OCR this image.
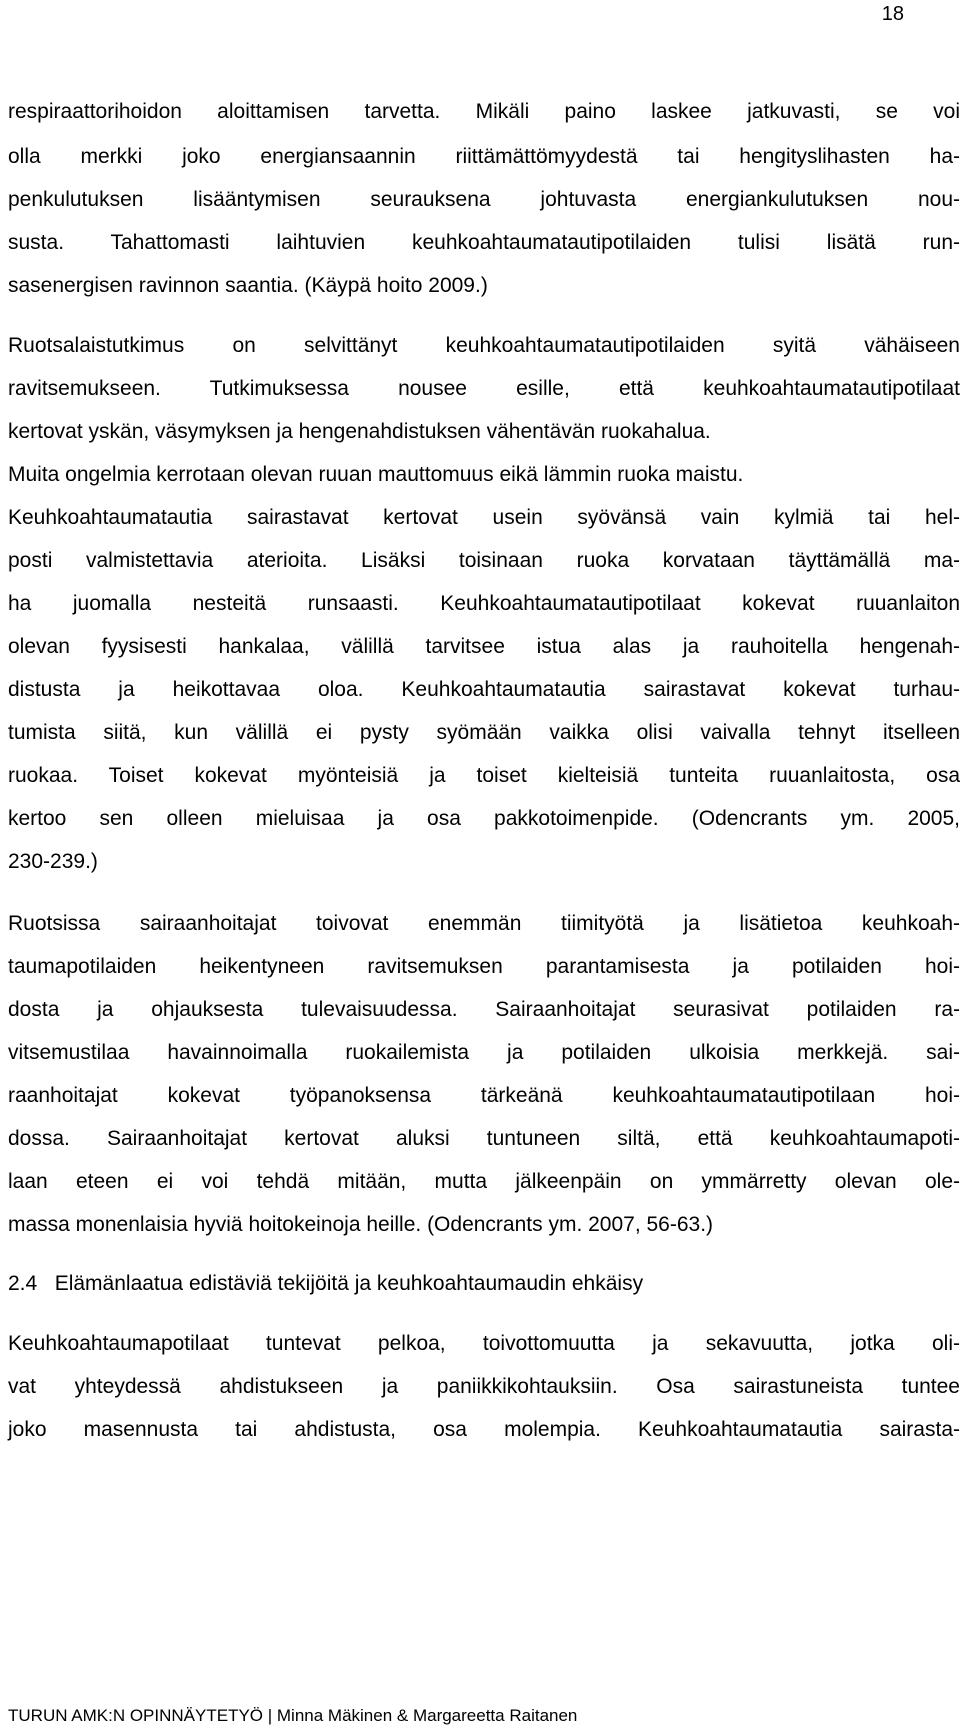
18
respiraattorihoidon aloittamisen tarvetta. Mikäli paino laskee jatkuvasti, se voi
olla merkki joko energiansaannin riittämättömyydestä tai hengityslihasten ha-
penkulutuksen lisääntymisen seurauksena johtuvasta energiankulutuksen nou-
susta. Tahattomasti laihtuvien keuhkoahtaumatautipotilaiden tulisi lisätä run-
sasenergisen ravinnon saantia. (Käypä hoito 2009.)
Ruotsalaistutkimus on selvittänyt keuhkoahtaumatautipotilaiden syitä vähäiseen
ravitsemukseen. Tutkimuksessa nousee esille, että keuhkoahtaumatautipotilaat
kertovat yskän, väsymyksen ja hengenahdistuksen vähentävän ruokahalua.
Muita ongelmia kerrotaan olevan ruuan mauttomuus eikä lämmin ruoka maistu.
Keuhkoahtaumatautia sairastavat kertovat usein syövänsä vain kylmiä tai hel-
posti valmistettavia aterioita. Lisäksi toisinaan ruoka korvataan täyttämällä ma-
ha juomalla nesteitä runsaasti. Keuhkoahtaumatautipotilaat kokevat ruuanlaiton
olevan fyysisesti hankalaa, välillä tarvitsee istua alas ja rauhoitella hengenah-
distusta ja heikottavaa oloa. Keuhkoahtaumatautia sairastavat kokevat turhau-
tumista siitä, kun välillä ei pysty syömään vaikka olisi vaivalla tehnyt itselleen
ruokaa. Toiset kokevat myönteisiä ja toiset kielteisiä tunteita ruuanlaitosta, osa
kertoo sen olleen mieluisaa ja osa pakkotoimenpide. (Odencrants ym. 2005,
230-239.)
Ruotsissa sairaanhoitajat toivovat enemmän tiimityötä ja lisätietoa keuhkoah-
taumapotilaiden heikentyneen ravitsemuksen parantamisesta ja potilaiden hoi-
dosta ja ohjauksesta tulevaisuudessa. Sairaanhoitajat seurasivat potilaiden ra-
vitsemustilaa havainnoimalla ruokailemista ja potilaiden ulkoisia merkkejä. sai-
raanhoitajat kokevat työpanoksensa tärkeänä keuhkoahtaumatautipotilaan hoi-
dossa. Sairaanhoitajat kertovat aluksi tuntuneen siltä, että keuhkoahtaumapoti-
laan eteen ei voi tehdä mitään, mutta jälkeenpäin on ymmärretty olevan ole-
massa monenlaisia hyviä hoitokeinoja heille. (Odencrants ym. 2007, 56-63.)
2.4   Elämänlaatua edistäviä tekijöitä ja keuhkoahtaumaudin ehkäisy
Keuhkoahtaumapotilaat tuntevat pelkoa, toivottomuutta ja sekavuutta, jotka oli-
vat yhteydessä ahdistukseen ja paniikkikohtauksiin. Osa sairastuneista tuntee
joko masennusta tai ahdistusta, osa molempia. Keuhkoahtaumatautia sairasta-
TURUN AMK:N OPINNÄYTETYÖ | Minna Mäkinen & Margareetta Raitanen
